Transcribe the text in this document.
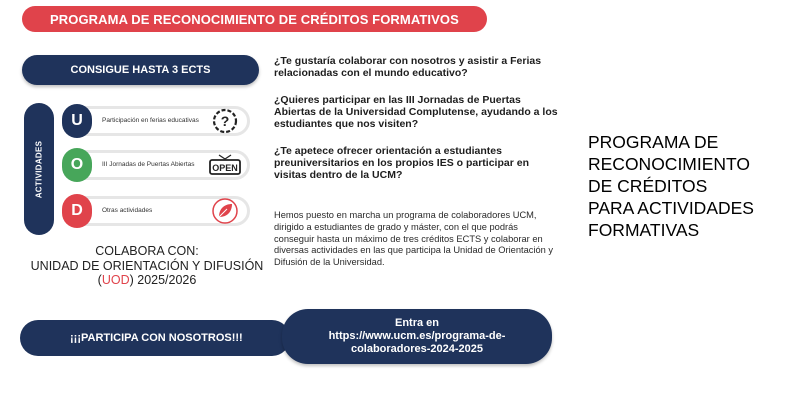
PROGRAMA DE RECONOCIMIENTO DE CRÉDITOS FORMATIVOS
CONSIGUE HASTA 3 ECTS
ACTIVIDADES
U	Participación en ferias educativas ?
O	III Jornadas de Puertas Abiertas	OPEN
D	Otras actividades
COLABORA CON:
UNIDAD DE ORIENTACIÓN Y DIFUSIÓN
(UOD) 2025/2026
¿Te gustaría colaborar con nosotros y asistir a Ferias relacionadas con el mundo educativo?
¿Quieres participar en las III Jornadas de Puertas Abiertas de la Universidad Complutense, ayudando a los estudiantes que nos visiten?
¿Te apetece ofrecer orientación a estudiantes preuniversitarios en los propios IES o participar en visitas dentro de la UCM?
Hemos puesto en marcha un programa de colaboradores UCM, dirigido a estudiantes de grado y máster, con el que podrás conseguir hasta un máximo de tres créditos ECTS y colaborar en diversas actividades en las que participa la Unidad de Orientación y Difusión de la Universidad.
¡¡¡PARTICIPA CON NOSOTROS!!!
Entra en
https://www.ucm.es/programa-de-
colaboradores-2024-2025
PROGRAMA DE
RECONOCIMIENTO
DE CRÉDITOS
PARA ACTIVIDADES
FORMATIVAS
